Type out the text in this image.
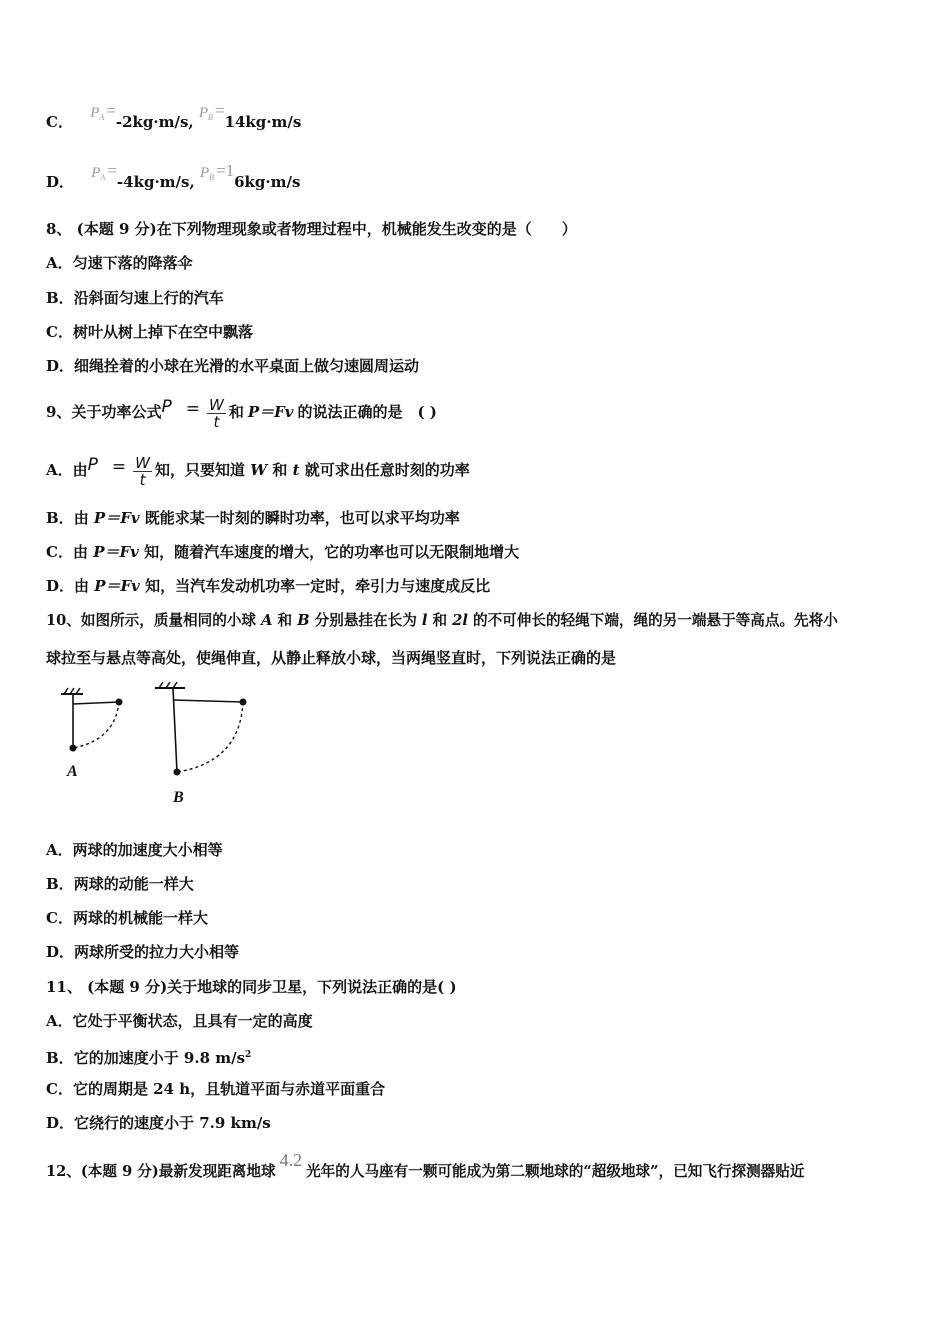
C． $P^A =-2kg\cdot m/s$, $P^B =14kg\cdot m/s$
D． $P^A =-4kg\cdot m/s$, $P^B =16kg\cdot m/s$
8、 (本题 9 分)在下列物理现象或者物理过程中，机械能发生改变的是（　　）
A．匀速下落的降落伞
B．沿斜面匀速上行的汽车
C．树叶从树上掉下在空中飘落
D．细绳拴着的小球在光滑的水平桌面上做匀速圆周运动
9、关于功率公式$P = \frac{W}{t}$ 和 P＝Fv 的说法正确的是　( )
A．由$P = \frac{W}{t}$ 知，只要知道 W 和 t 就可求出任意时刻的功率
B．由 P＝Fv 既能求某一时刻的瞬时功率，也可以求平均功率
C．由 P＝Fv 知，随着汽车速度的增大，它的功率也可以无限制地增大
D．由 P＝Fv 知，当汽车发动机功率一定时，牵引力与速度成反比
10、如图所示，质量相同的小球 A 和 B 分别悬挂在长为 l 和 2l 的不可伸长的轻绳下端，绳的另一端悬于等高点。先将小
球拉至与悬点等高处，使绳伸直，从静止释放小球，当两绳竖直时，下列说法正确的是
A
B
A．两球的加速度大小相等
B．两球的动能一样大
C．两球的机械能一样大
D．两球所受的拉力大小相等
11、 (本题 9 分)关于地球的同步卫星，下列说法正确的是( )
A．它处于平衡状态，且具有一定的高度
B．它的加速度小于 9.8 $m/s^2$
C．它的周期是 24 h，且轨道平面与赤道平面重合
D．它绕行的速度小于 7.9 km/s
12、(本题 9 分)最新发现距离地球4.2光年的人马座有一颗可能成为第二颗地球的“超级地球”，已知飞行探测器贴近
